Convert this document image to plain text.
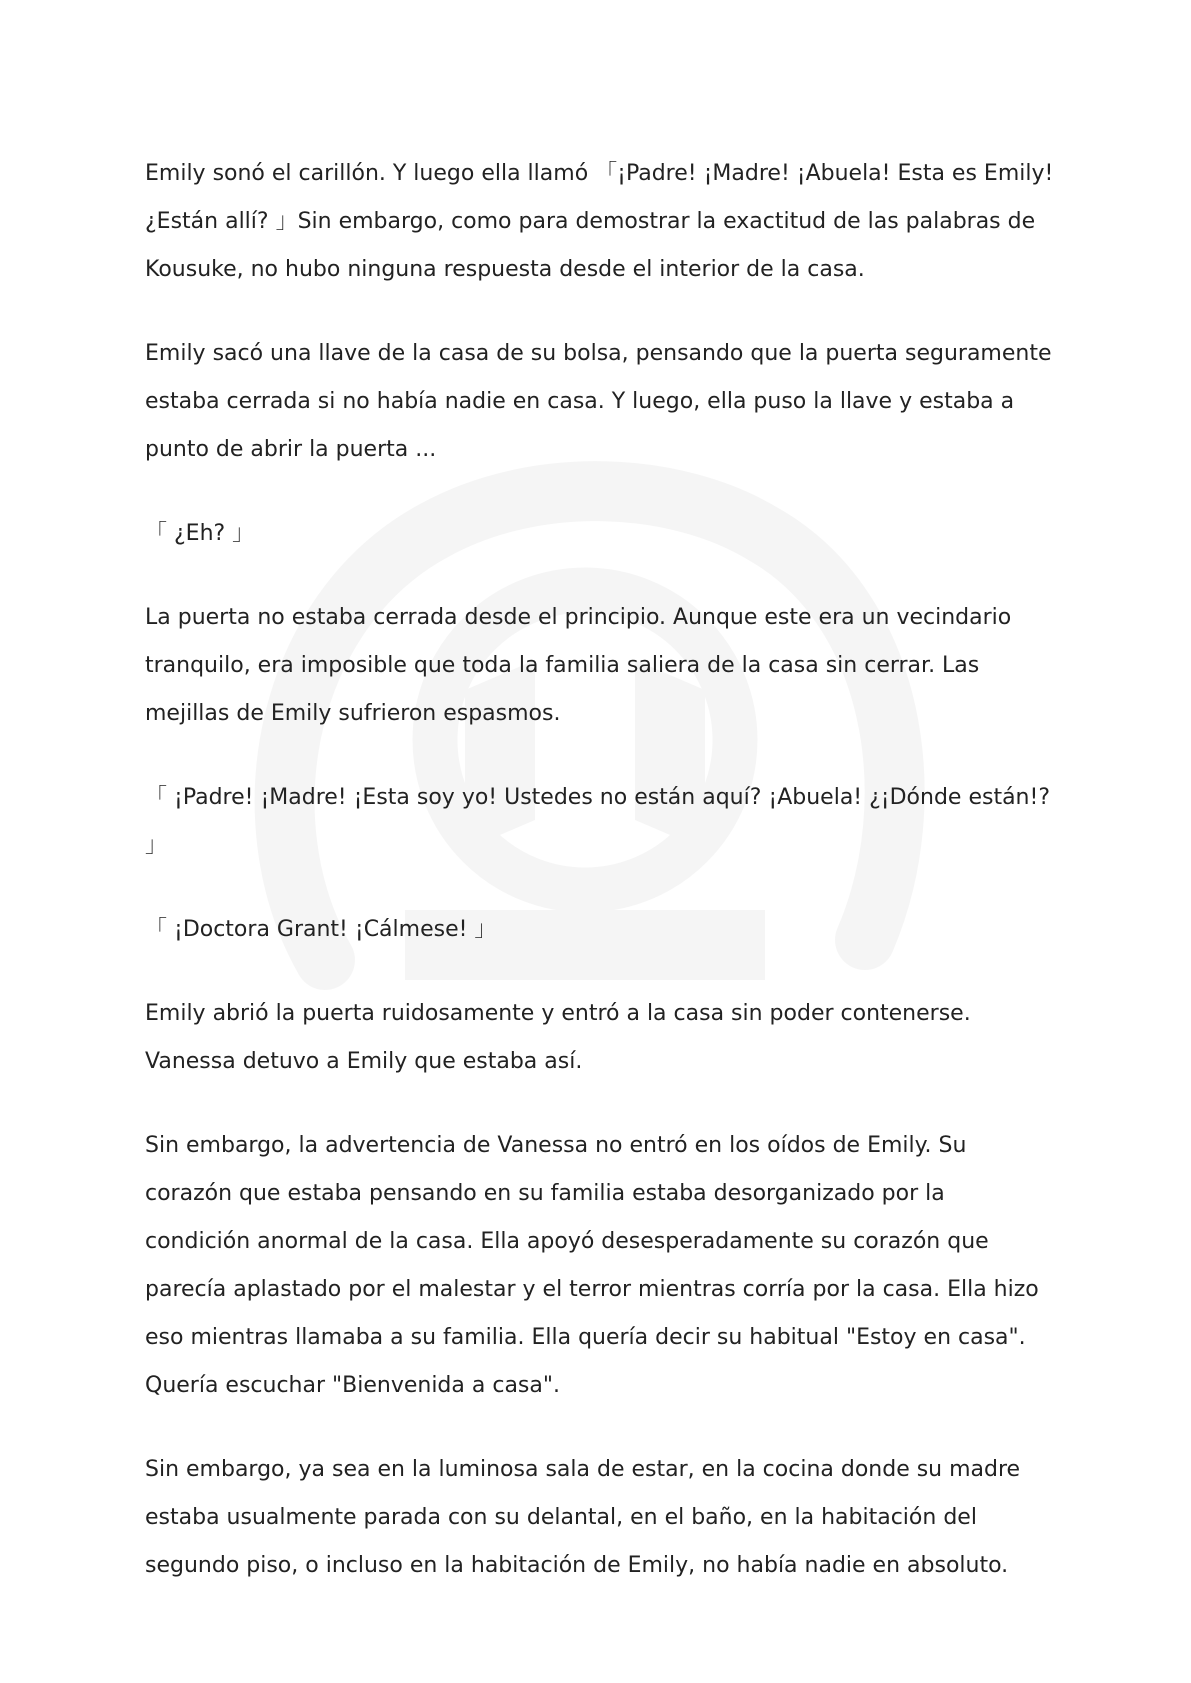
Emily sonó el carillón. Y luego ella llamó 「¡Padre! ¡Madre! ¡Abuela! Esta es Emily! ¿Están allí? 」Sin embargo, como para demostrar la exactitud de las palabras de Kousuke, no hubo ninguna respuesta desde el interior de la casa.

Emily sacó una llave de la casa de su bolsa, pensando que la puerta seguramente estaba cerrada si no había nadie en casa. Y luego, ella puso la llave y estaba a punto de abrir la puerta ...

「 ¿Eh? 」

La puerta no estaba cerrada desde el principio. Aunque este era un vecindario tranquilo, era imposible que toda la familia saliera de la casa sin cerrar. Las mejillas de Emily sufrieron espasmos.

「 ¡Padre! ¡Madre! ¡Esta soy yo! Ustedes no están aquí? ¡Abuela! ¿¡Dónde están!? 」

「 ¡Doctora Grant! ¡Cálmese! 」

Emily abrió la puerta ruidosamente y entró a la casa sin poder contenerse. Vanessa detuvo a Emily que estaba así.

Sin embargo, la advertencia de Vanessa no entró en los oídos de Emily. Su corazón que estaba pensando en su familia estaba desorganizado por la condición anormal de la casa. Ella apoyó desesperadamente su corazón que parecía aplastado por el malestar y el terror mientras corría por la casa. Ella hizo eso mientras llamaba a su familia. Ella quería decir su habitual "Estoy en casa". Quería escuchar "Bienvenida a casa".

Sin embargo, ya sea en la luminosa sala de estar, en la cocina donde su madre estaba usualmente parada con su delantal, en el baño, en la habitación del segundo piso, o incluso en la habitación de Emily, no había nadie en absoluto.
